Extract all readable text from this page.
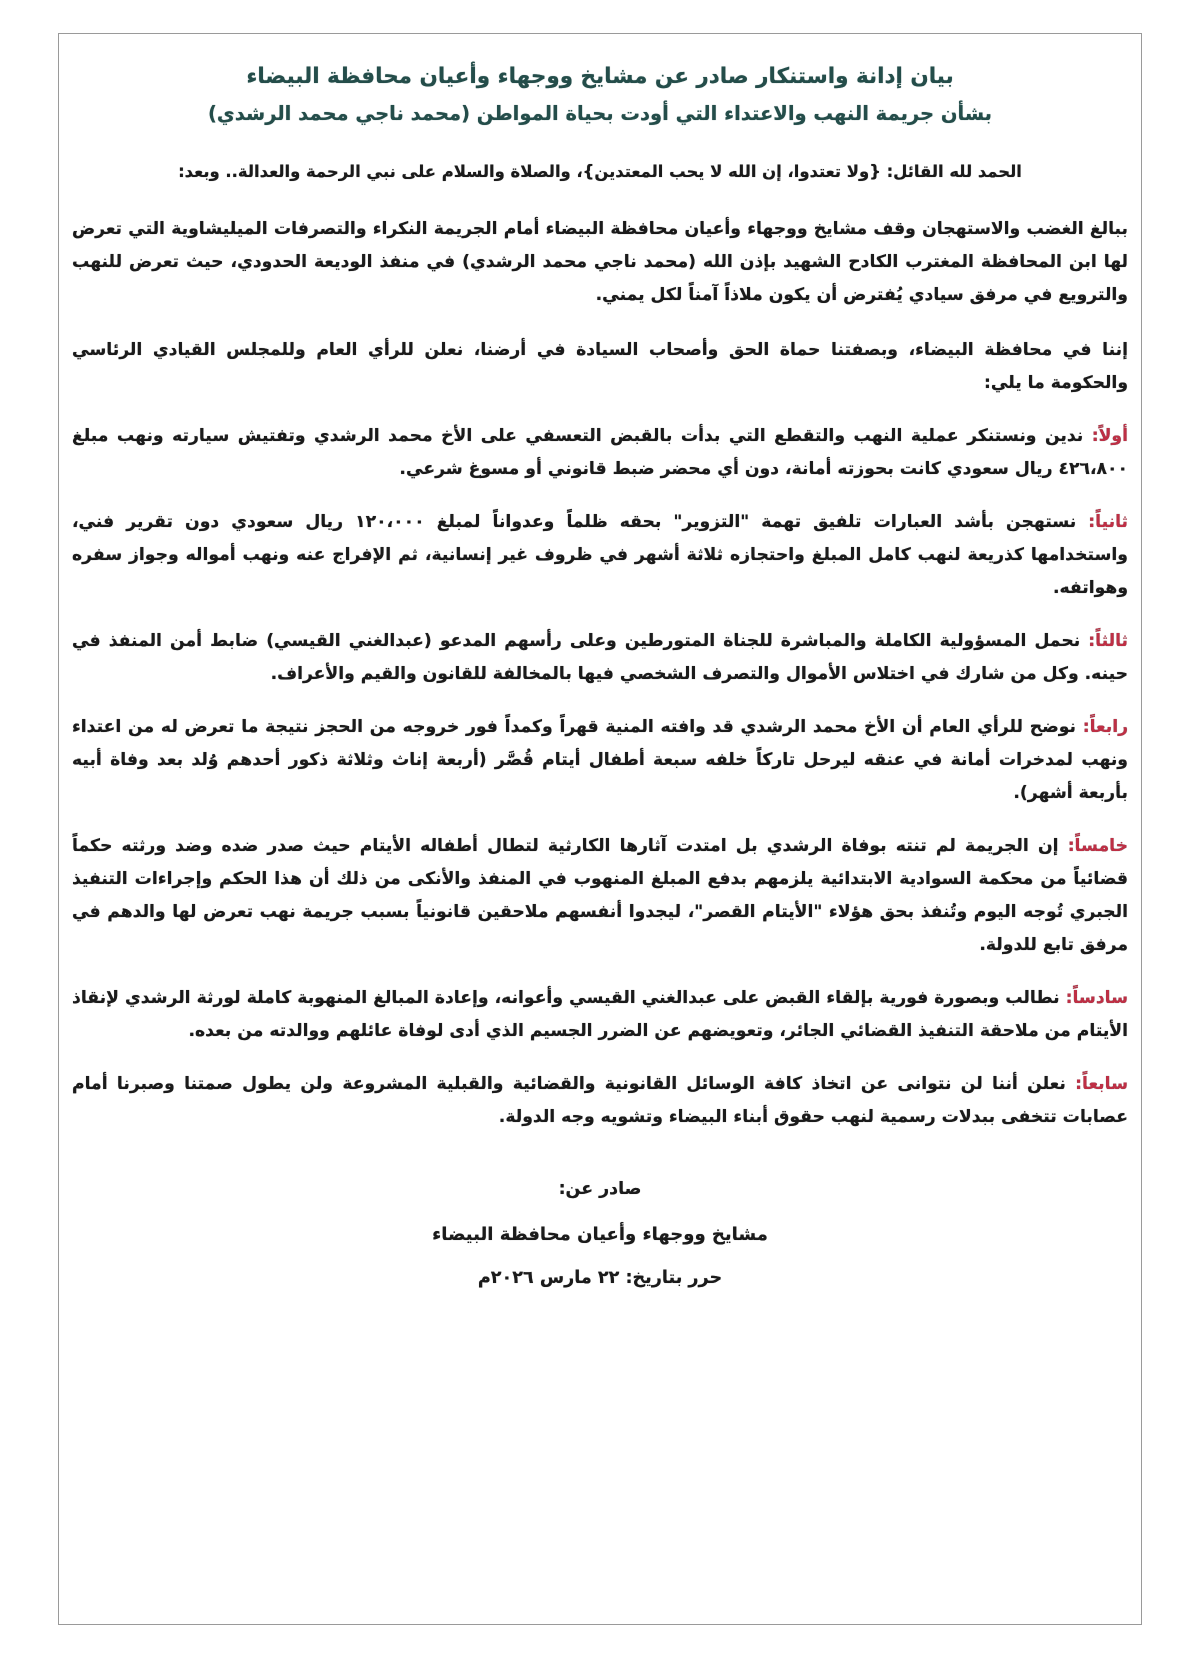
بيان إدانة واستنكار صادر عن مشايخ ووجهاء وأعيان محافظة البيضاء
بشأن جريمة النهب والاعتداء التي أودت بحياة المواطن (محمد ناجي محمد الرشدي)

الحمد لله القائل: {ولا تعتدوا، إن الله لا يحب المعتدين}، والصلاة والسلام على نبي الرحمة والعدالة.. وبعد:

ببالغ الغضب والاستهجان وقف مشايخ ووجهاء وأعيان محافظة البيضاء أمام الجريمة النكراء والتصرفات الميليشاوية التي تعرض لها ابن المحافظة المغترب الكادح الشهيد بإذن الله (محمد ناجي محمد الرشدي) في منفذ الوديعة الحدودي، حيث تعرض للنهب والترويع في مرفق سيادي يُفترض أن يكون ملاذاً آمناً لكل يمني.

إننا في محافظة البيضاء، وبصفتنا حماة الحق وأصحاب السيادة في أرضنا، نعلن للرأي العام وللمجلس القيادي الرئاسي والحكومة ما يلي:

أولاً: ندين ونستنكر عملية النهب والتقطع التي بدأت بالقبض التعسفي على الأخ محمد الرشدي وتفتيش سيارته ونهب مبلغ ٤٢٦،٨٠٠ ريال سعودي كانت بحوزته أمانة، دون أي محضر ضبط قانوني أو مسوغ شرعي.

ثانياً: نستهجن بأشد العبارات تلفيق تهمة "التزوير" بحقه ظلماً وعدواناً لمبلغ ١٢٠،٠٠٠ ريال سعودي دون تقرير فني، واستخدامها كذريعة لنهب كامل المبلغ واحتجازه ثلاثة أشهر في ظروف غير إنسانية، ثم الإفراج عنه ونهب أمواله وجواز سفره وهواتفه.

ثالثاً: نحمل المسؤولية الكاملة والمباشرة للجناة المتورطين وعلى رأسهم المدعو (عبدالغني القيسي) ضابط أمن المنفذ في حينه. وكل من شارك في اختلاس الأموال والتصرف الشخصي فيها بالمخالفة للقانون والقيم والأعراف.

رابعاً: نوضح للرأي العام أن الأخ محمد الرشدي قد وافته المنية قهراً وكمداً فور خروجه من الحجز نتيجة ما تعرض له من اعتداء ونهب لمدخرات أمانة في عنقه ليرحل تاركاً خلفه سبعة أطفال أيتام قُصَّر (أربعة إناث وثلاثة ذكور أحدهم وُلد بعد وفاة أبيه بأربعة أشهر).

خامساً: إن الجريمة لم تنته بوفاة الرشدي بل امتدت آثارها الكارثية لتطال أطفاله الأيتام حيث صدر ضده وضد ورثته حكماً قضائياً من محكمة السوادية الابتدائية يلزمهم بدفع المبلغ المنهوب في المنفذ والأنكى من ذلك أن هذا الحكم وإجراءات التنفيذ الجبري تُوجه اليوم وتُنفذ بحق هؤلاء "الأيتام القصر"، ليجدوا أنفسهم ملاحقين قانونياً بسبب جريمة نهب تعرض لها والدهم في مرفق تابع للدولة.

سادساً: نطالب وبصورة فورية بإلقاء القبض على عبدالغني القيسي وأعوانه، وإعادة المبالغ المنهوبة كاملة لورثة الرشدي لإنقاذ الأيتام من ملاحقة التنفيذ القضائي الجائر، وتعويضهم عن الضرر الجسيم الذي أدى لوفاة عائلهم ووالدته من بعده.

سابعاً: نعلن أننا لن نتوانى عن اتخاذ كافة الوسائل القانونية والقضائية والقبلية المشروعة ولن يطول صمتنا وصبرنا أمام عصابات تتخفى ببدلات رسمية لنهب حقوق أبناء البيضاء وتشويه وجه الدولة.

صادر عن:
مشايخ ووجهاء وأعيان محافظة البيضاء
حرر بتاريخ: ٢٢ مارس ٢٠٢٦م
